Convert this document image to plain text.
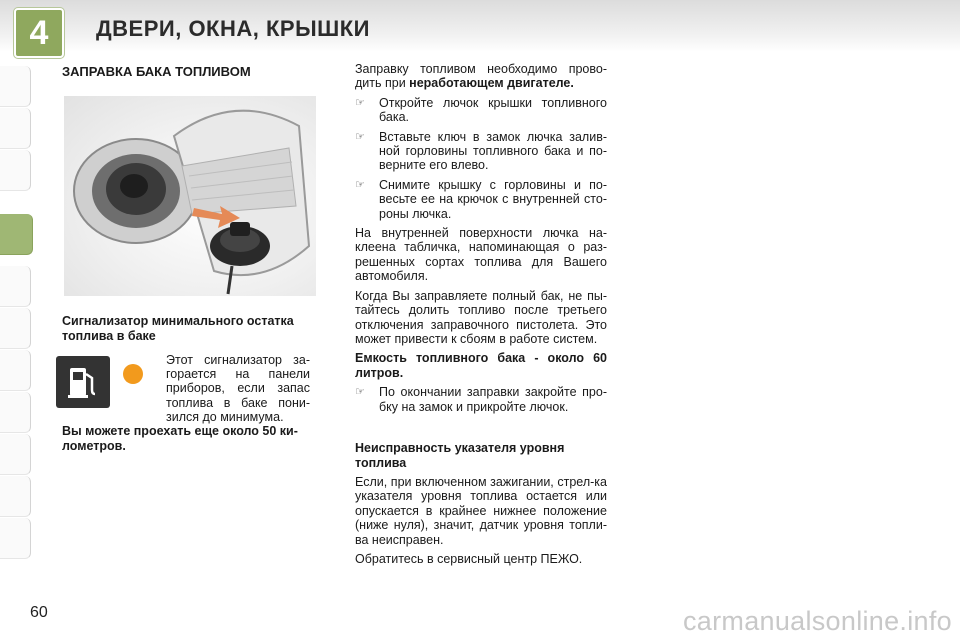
4 ДВЕРИ, ОКНА, КРЫШКИ
ЗАПРАВКА БАКА ТОПЛИВОМ
Сигнализатор минимального остатка топлива в баке
Этот сигнализатор за-горается на панели приборов, если запас топлива в баке пони-зился до минимума.
Вы можете проехать еще около 50 ки-лометров.

Заправку топливом необходимо прово-дить при неработающем двигателе.

☞	Откройте лючок крышки топливного бака.
☞	Вставьте ключ в замок лючка залив-ной горловины топливного бака и по-верните его влево.
☞	Снимите крышку с горловины и по-весьте ее на крючок с внутренней сто-роны лючка.

На внутренней поверхности лючка на-клеена табличка, напоминающая о раз-решенных сортах топлива для Вашего автомобиля.

Когда Вы заправляете полный бак, не пы-тайтесь долить топливо после третьего отключения заправочного пистолета. Это может привести к сбоям в работе систем.

Емкость топливного бака - около 60 литров.

☞	По окончании заправки закройте про-бку на замок и прикройте лючок.
Неисправность указателя уровня топлива

Если, при включенном зажигании, стрел-ка указателя уровня топлива остается или опускается в крайнее нижнее положение (ниже нуля), значит, датчик уровня топли-ва неисправен.

Обратитесь в сервисный центр ПЕЖО.

60	carmanualsonline.info
